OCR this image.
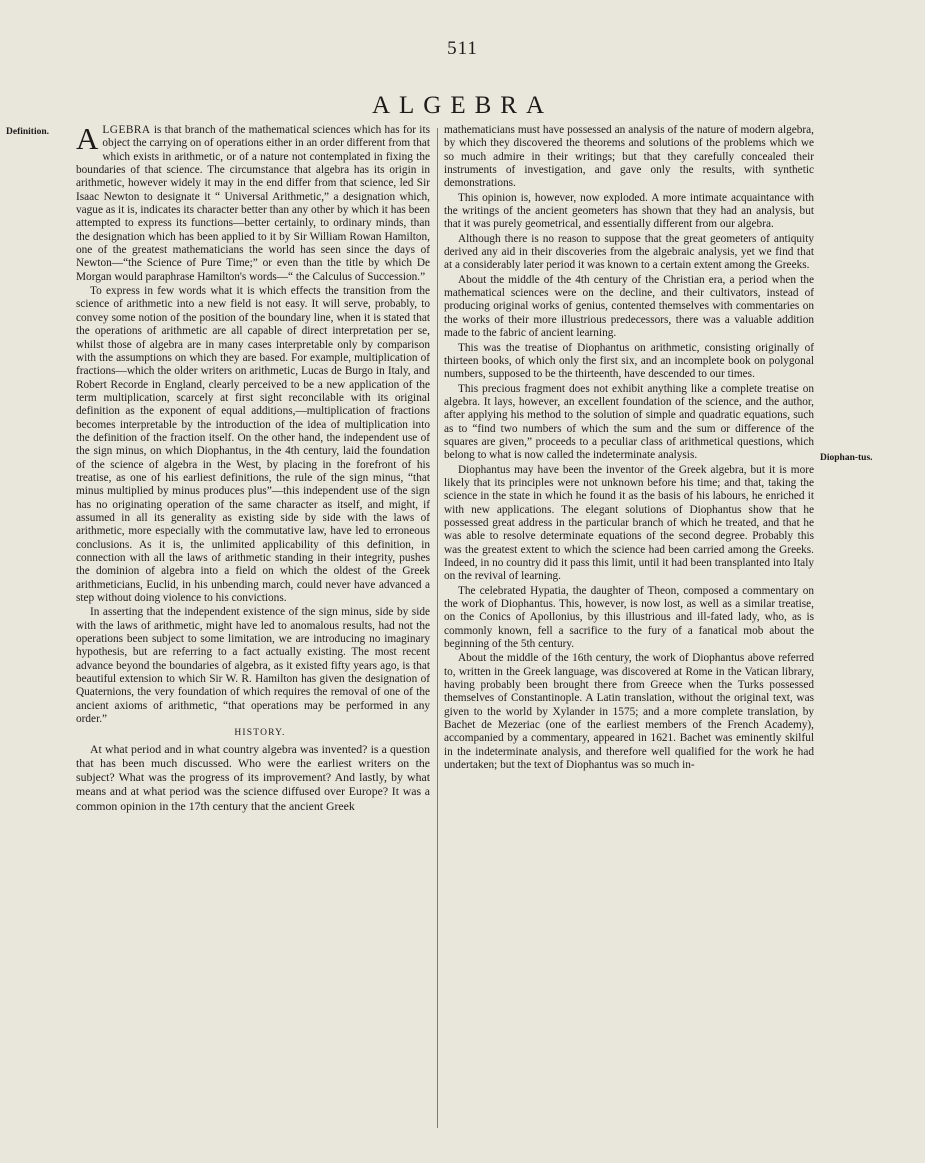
511
ALGEBRA
Definition.
Diophan-tus.

ALGEBRA is that branch of the mathematical sciences which has for its object the carrying on of operations either in an order different from that which exists in arithmetic, or of a nature not contemplated in fixing the boundaries of that science. The circumstance that algebra has its origin in arithmetic, however widely it may in the end differ from that science, led Sir Isaac Newton to designate it “ Universal Arithmetic,” a designation which, vague as it is, indicates its character better than any other by which it has been attempted to express its functions—better certainly, to ordinary minds, than the designation which has been applied to it by Sir William Rowan Hamilton, one of the greatest mathematicians the world has seen since the days of Newton—“the Science of Pure Time;” or even than the title by which De Morgan would paraphrase Hamilton's words—“ the Calculus of Succession.”

To express in few words what it is which effects the transition from the science of arithmetic into a new field is not easy. It will serve, probably, to convey some notion of the position of the boundary line, when it is stated that the operations of arithmetic are all capable of direct interpretation per se, whilst those of algebra are in many cases interpretable only by comparison with the assumptions on which they are based. For example, multiplication of fractions—which the older writers on arithmetic, Lucas de Burgo in Italy, and Robert Recorde in England, clearly perceived to be a new application of the term multiplication, scarcely at first sight reconcilable with its original definition as the exponent of equal additions,—multiplication of fractions becomes interpretable by the introduction of the idea of multiplication into the definition of the fraction itself. On the other hand, the independent use of the sign minus, on which Diophantus, in the 4th century, laid the foundation of the science of algebra in the West, by placing in the forefront of his treatise, as one of his earliest definitions, the rule of the sign minus, “that minus multiplied by minus produces plus”—this independent use of the sign has no originating operation of the same character as itself, and might, if assumed in all its generality as existing side by side with the laws of arithmetic, more especially with the commutative law, have led to erroneous conclusions. As it is, the unlimited applicability of this definition, in connection with all the laws of arithmetic standing in their integrity, pushes the dominion of algebra into a field on which the oldest of the Greek arithmeticians, Euclid, in his unbending march, could never have advanced a step without doing violence to his convictions.

In asserting that the independent existence of the sign minus, side by side with the laws of arithmetic, might have led to anomalous results, had not the operations been subject to some limitation, we are introducing no imaginary hypothesis, but are referring to a fact actually existing. The most recent advance beyond the boundaries of algebra, as it existed fifty years ago, is that beautiful extension to which Sir W. R. Hamilton has given the designation of Quaternions, the very foundation of which requires the removal of one of the ancient axioms of arithmetic, “that operations may be performed in any order.”

HISTORY.

At what period and in what country algebra was invented? is a question that has been much discussed. Who were the earliest writers on the subject? What was the progress of its improvement? And lastly, by what means and at what period was the science diffused over Europe? It was a common opinion in the 17th century that the ancient Greek

mathematicians must have possessed an analysis of the nature of modern algebra, by which they discovered the theorems and solutions of the problems which we so much admire in their writings; but that they carefully concealed their instruments of investigation, and gave only the results, with synthetic demonstrations.

This opinion is, however, now exploded. A more intimate acquaintance with the writings of the ancient geometers has shown that they had an analysis, but that it was purely geometrical, and essentially different from our algebra.

Although there is no reason to suppose that the great geometers of antiquity derived any aid in their discoveries from the algebraic analysis, yet we find that at a considerably later period it was known to a certain extent among the Greeks.

About the middle of the 4th century of the Christian era, a period when the mathematical sciences were on the decline, and their cultivators, instead of producing original works of genius, contented themselves with commentaries on the works of their more illustrious predecessors, there was a valuable addition made to the fabric of ancient learning.

This was the treatise of Diophantus on arithmetic, consisting originally of thirteen books, of which only the first six, and an incomplete book on polygonal numbers, supposed to be the thirteenth, have descended to our times.

This precious fragment does not exhibit anything like a complete treatise on algebra. It lays, however, an excellent foundation of the science, and the author, after applying his method to the solution of simple and quadratic equations, such as to “find two numbers of which the sum and the sum or difference of the squares are given,” proceeds to a peculiar class of arithmetical questions, which belong to what is now called the indeterminate analysis.

Diophantus may have been the inventor of the Greek algebra, but it is more likely that its principles were not unknown before his time; and that, taking the science in the state in which he found it as the basis of his labours, he enriched it with new applications. The elegant solutions of Diophantus show that he possessed great address in the particular branch of which he treated, and that he was able to resolve determinate equations of the second degree. Probably this was the greatest extent to which the science had been carried among the Greeks. Indeed, in no country did it pass this limit, until it had been transplanted into Italy on the revival of learning.

The celebrated Hypatia, the daughter of Theon, composed a commentary on the work of Diophantus. This, however, is now lost, as well as a similar treatise, on the Conics of Apollonius, by this illustrious and ill-fated lady, who, as is commonly known, fell a sacrifice to the fury of a fanatical mob about the beginning of the 5th century.

About the middle of the 16th century, the work of Diophantus above referred to, written in the Greek language, was discovered at Rome in the Vatican library, having probably been brought there from Greece when the Turks possessed themselves of Constantinople. A Latin translation, without the original text, was given to the world by Xylander in 1575; and a more complete translation, by Bachet de Mezeriac (one of the earliest members of the French Academy), accompanied by a commentary, appeared in 1621. Bachet was eminently skilful in the indeterminate analysis, and therefore well qualified for the work he had undertaken; but the text of Diophantus was so much in-
